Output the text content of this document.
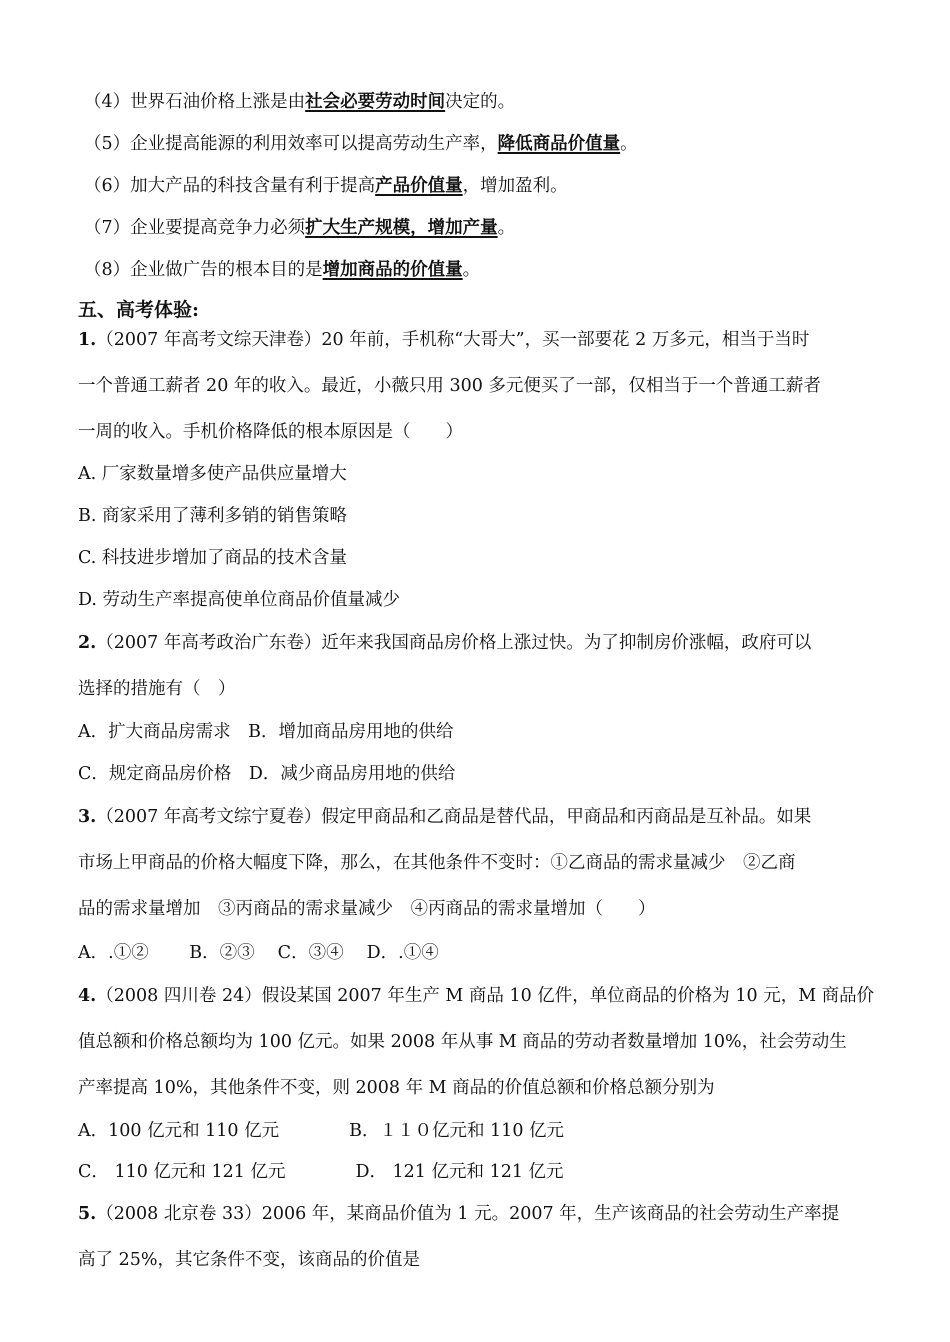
（4）世界石油价格上涨是由社会必要劳动时间决定的。
（5）企业提高能源的利用效率可以提高劳动生产率，降低商品价值量。
（6）加大产品的科技含量有利于提高产品价值量，增加盈利。
（7）企业要提高竞争力必须扩大生产规模，增加产量。
（8）企业做广告的根本目的是增加商品的价值量。
五、高考体验:
1.（2007 年高考文综天津卷）20 年前，手机称“大哥大”，买一部要花 2 万多元，相当于当时
一个普通工薪者 20 年的收入。最近，小薇只用 300 多元便买了一部，仅相当于一个普通工薪者
一周的收入。手机价格降低的根本原因是（　　）
A. 厂家数量增多使产品供应量增大
B. 商家采用了薄利多销的销售策略
C. 科技进步增加了商品的技术含量
D. 劳动生产率提高使单位商品价值量减少
2.（2007 年高考政治广东卷）近年来我国商品房价格上涨过快。为了抑制房价涨幅，政府可以
选择的措施有（　）
A．扩大商品房需求　B．增加商品房用地的供给
C．规定商品房价格　D．减少商品房用地的供给
3.（2007 年高考文综宁夏卷）假定甲商品和乙商品是替代品，甲商品和丙商品是互补品。如果
市场上甲商品的价格大幅度下降，那么，在其他条件不变时：①乙商品的需求量减少　②乙商
品的需求量增加　③丙商品的需求量减少　④丙商品的需求量增加（　　）
A．.①②　　 B．②③　 C．③④　 D．.①④
4.（2008 四川卷 24）假设某国 2007 年生产 M 商品 10 亿件，单位商品的价格为 10 元，M 商品价
值总额和价格总额均为 100 亿元。如果 2008 年从事 M 商品的劳动者数量增加 10%，社会劳动生
产率提高 10%，其他条件不变，则 2008 年 M 商品的价值总额和价格总额分别为
A．100 亿元和 110 亿元　　　　B．１１０亿元和 110 亿元
C． 110 亿元和 121 亿元　　　　D． 121 亿元和 121 亿元
5.（2008 北京卷 33）2006 年，某商品价值为 1 元。2007 年，生产该商品的社会劳动生产率提
高了 25%，其它条件不变，该商品的价值是
